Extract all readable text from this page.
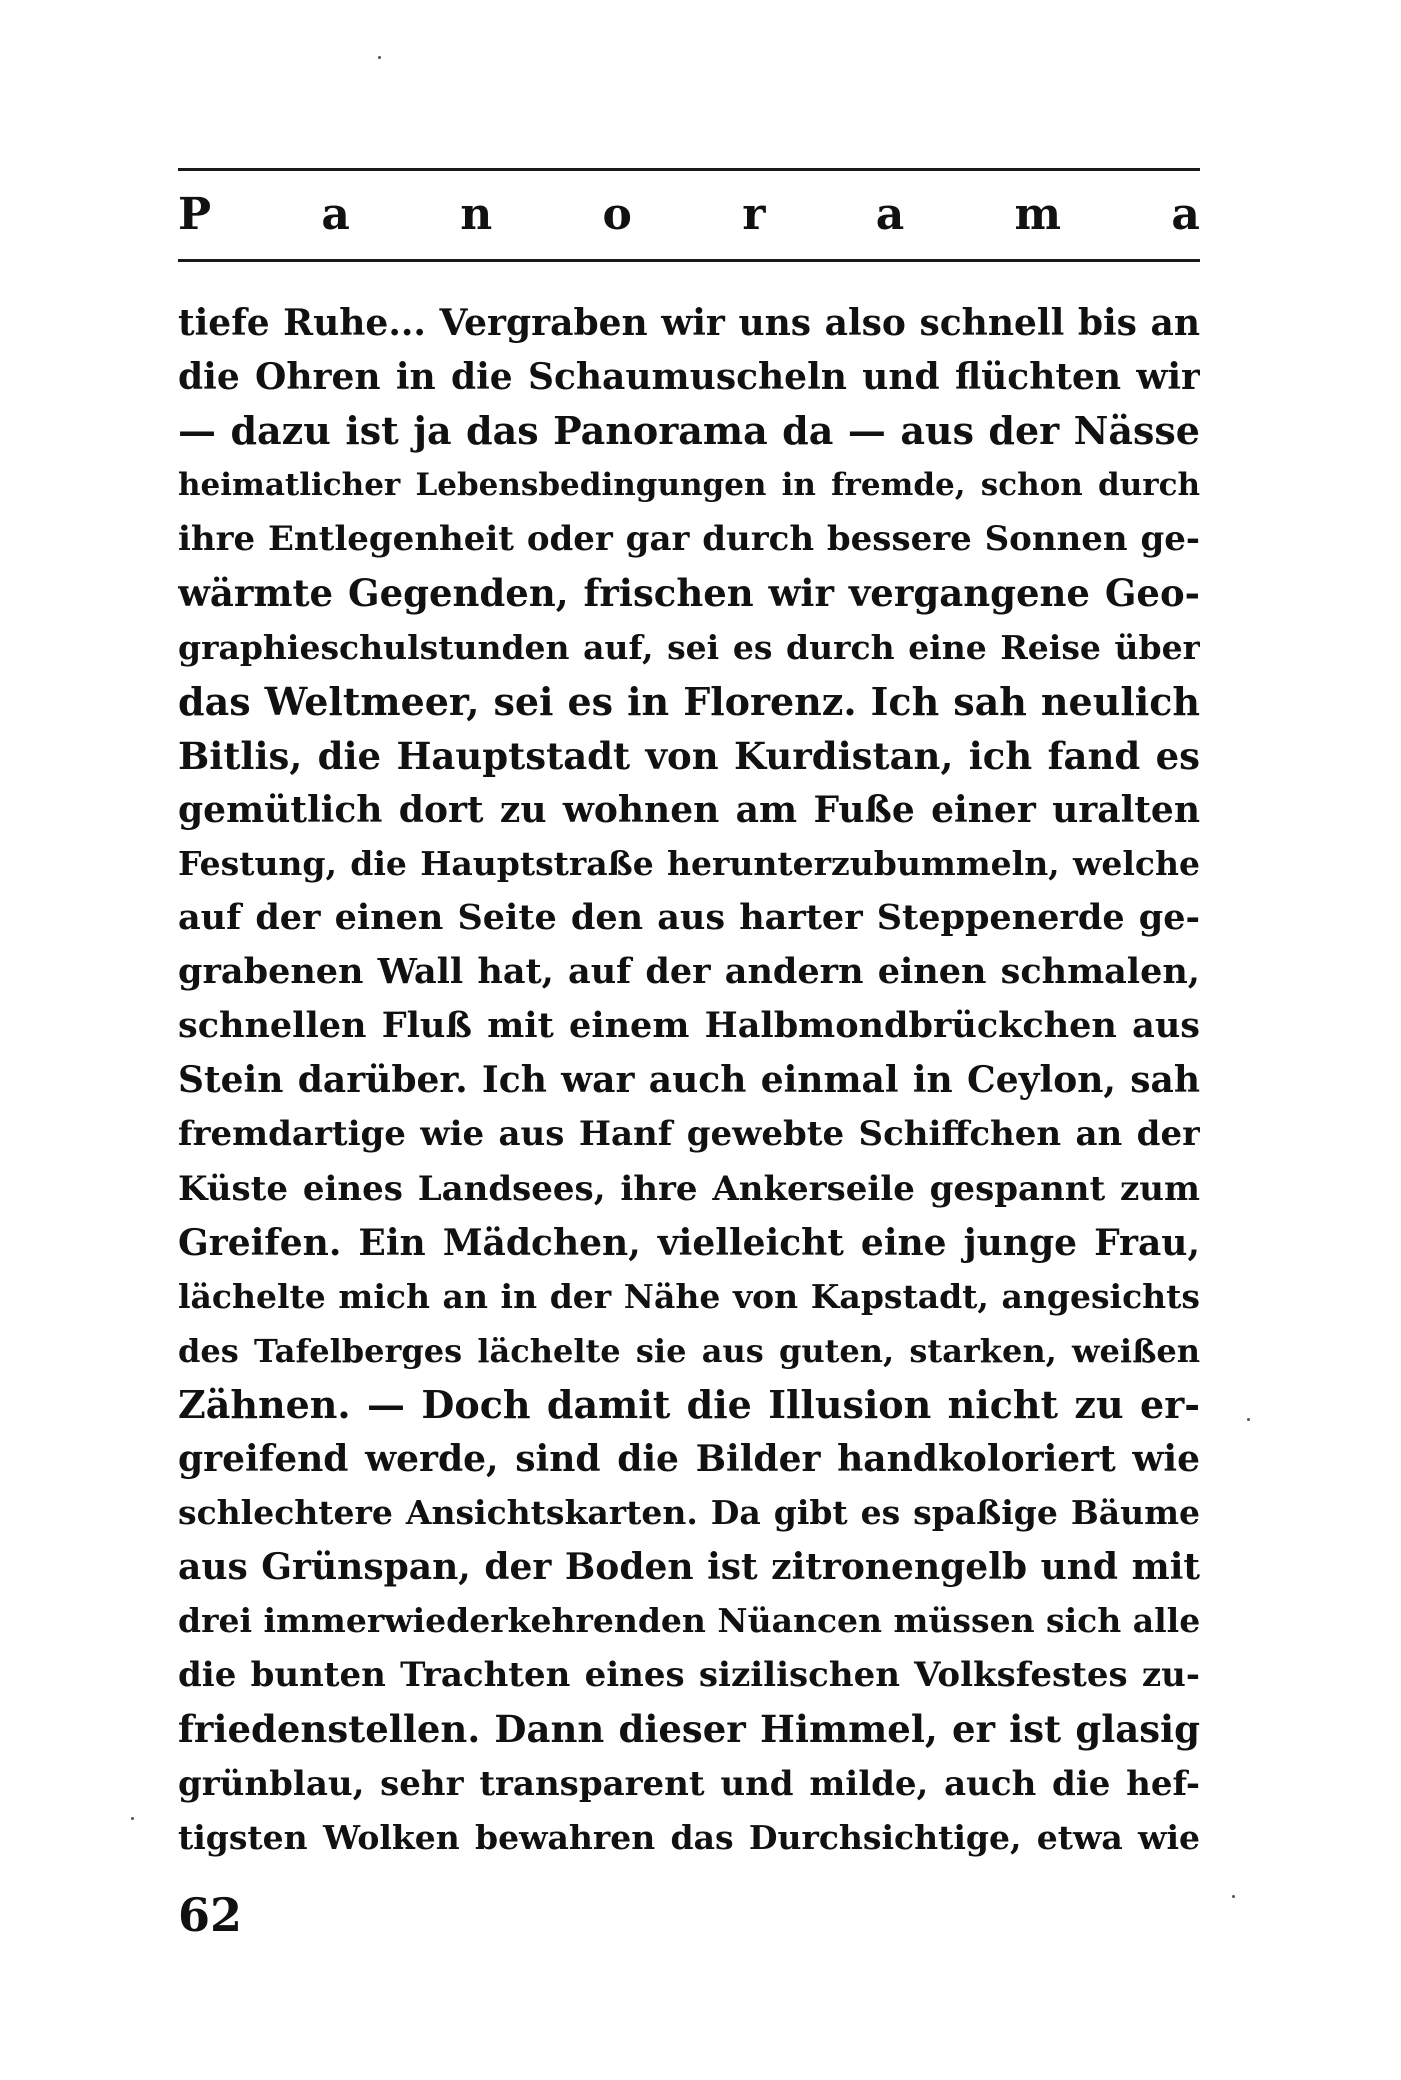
P	a	n	o	r	a	m	a
tiefe Ruhe... Vergraben wir uns also schnell bis an
die Ohren in die Schaumuscheln und flüchten wir
— dazu ist ja das Panorama da — aus der Nässe
heimatlicher Lebensbedingungen in fremde, schon durch
ihre Entlegenheit oder gar durch bessere Sonnen ge-
wärmte Gegenden, frischen wir vergangene Geo-
graphieschulstunden auf, sei es durch eine Reise über
das Weltmeer, sei es in Florenz. Ich sah neulich
Bitlis, die Hauptstadt von Kurdistan, ich fand es
gemütlich dort zu wohnen am Fuße einer uralten
Festung, die Hauptstraße herunterzubummeln, welche
auf der einen Seite den aus harter Steppenerde ge-
grabenen Wall hat, auf der andern einen schmalen,
schnellen Fluß mit einem Halbmondbrückchen aus
Stein darüber. Ich war auch einmal in Ceylon, sah
fremdartige wie aus Hanf gewebte Schiffchen an der
Küste eines Landsees, ihre Ankerseile gespannt zum
Greifen. Ein Mädchen, vielleicht eine junge Frau,
lächelte mich an in der Nähe von Kapstadt, angesichts
des Tafelberges lächelte sie aus guten, starken, weißen
Zähnen. — Doch damit die Illusion nicht zu er-
greifend werde, sind die Bilder handkoloriert wie
schlechtere Ansichtskarten. Da gibt es spaßige Bäume
aus Grünspan, der Boden ist zitronengelb und mit
drei immerwiederkehrenden Nüancen müssen sich alle
die bunten Trachten eines sizilischen Volksfestes zu-
friedenstellen. Dann dieser Himmel, er ist glasig
grünblau, sehr transparent und milde, auch die hef-
tigsten Wolken bewahren das Durchsichtige, etwa wie
62
